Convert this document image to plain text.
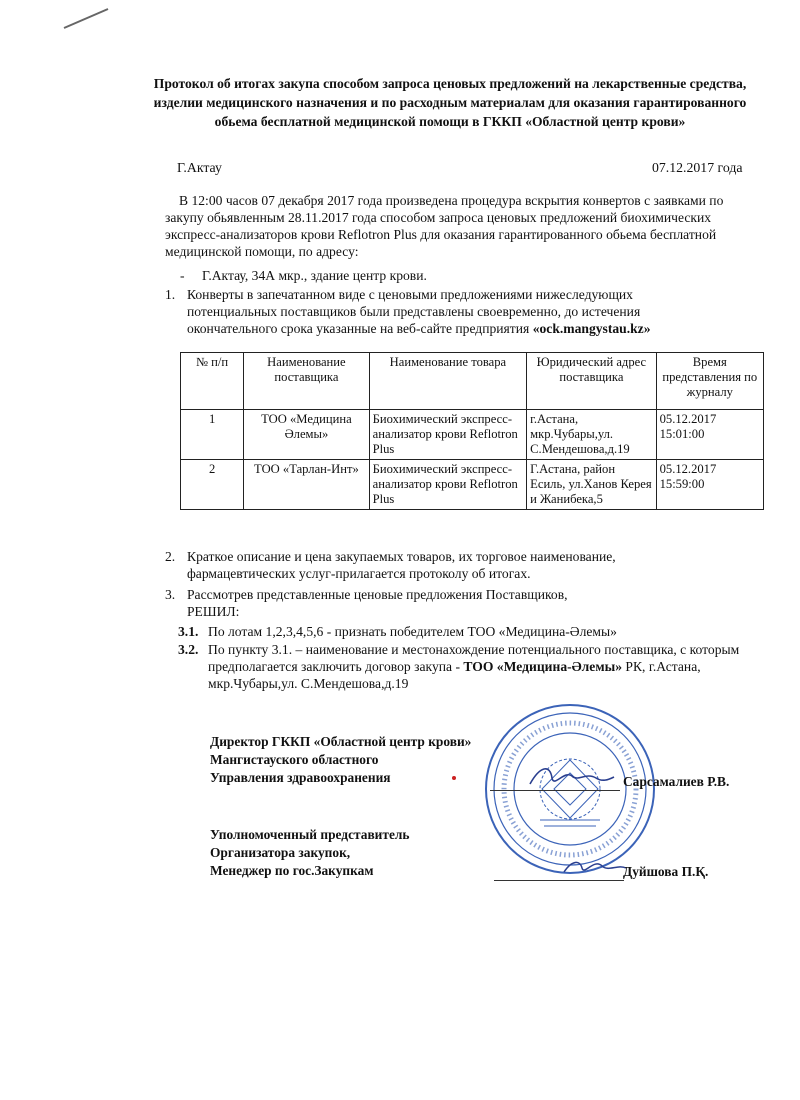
Протокол об итогах закупа способом запроса ценовых предложений на лекарственные средства, изделии медицинского назначения и по расходным материалам для оказания гарантированного обьема бесплатной медицинской помощи в ГККП «Областной центр крови»
Г.Актау	07.12.2017 года
В 12:00 часов 07 декабря 2017 года произведена процедура вскрытия конвертов с заявками по закупу обьявленным 28.11.2017 года способом запроса ценовых предложений биохимических экспресс-анализаторов крови Reflotron Plus для оказания гарантированного обьема бесплатной медицинской помощи, по адресу:
- Г.Актау, 34А мкр., здание центр крови.
1. Конверты в запечатанном виде с ценовыми предложениями нижеследующих потенциальных поставщиков были представлены своевременно, до истечения окончательного срока указанные на веб-сайте предприятия «ock.mangystau.kz»
№ п/п	Наименование поставщика	Наименование товара	Юридический адрес поставщика	Время представления по журналу
1	ТОО «Медицина Әлемы»	Биохимический экспресс-анализатор крови Reflotron Plus	г.Астана, мкр.Чубары,ул. С.Мендешова,д.19	05.12.2017 15:01:00
2	ТОО «Тарлан-Инт»	Биохимический экспресс-анализатор крови Reflotron Plus	Г.Астана, район Есиль, ул.Ханов Керея и Жанибека,5	05.12.2017 15:59:00
2. Краткое описание и цена закупаемых товаров, их торговое наименование, фармацевтических услуг-прилагается протоколу об итогах.
3. Рассмотрев представленные ценовые предложения Поставщиков,
РЕШИЛ:
3.1. По лотам 1,2,3,4,5,6 - признать победителем ТОО «Медицина-Әлемы»
3.2. По пункту 3.1. – наименование и местонахождение потенциального поставщика, с которым предполагается заключить договор закупа - ТОО «Медицина-Әлемы» РК, г.Астана, мкр.Чубары,ул. С.Мендешова,д.19
Директор ГККП «Областной центр крови»
Мангистауского областного
Управления здравоохранения	Сарсамалиев Р.В.
Уполномоченный представитель
Организатора закупок,
Менеджер по гос.Закупкам	Дуйшова П.Қ.
